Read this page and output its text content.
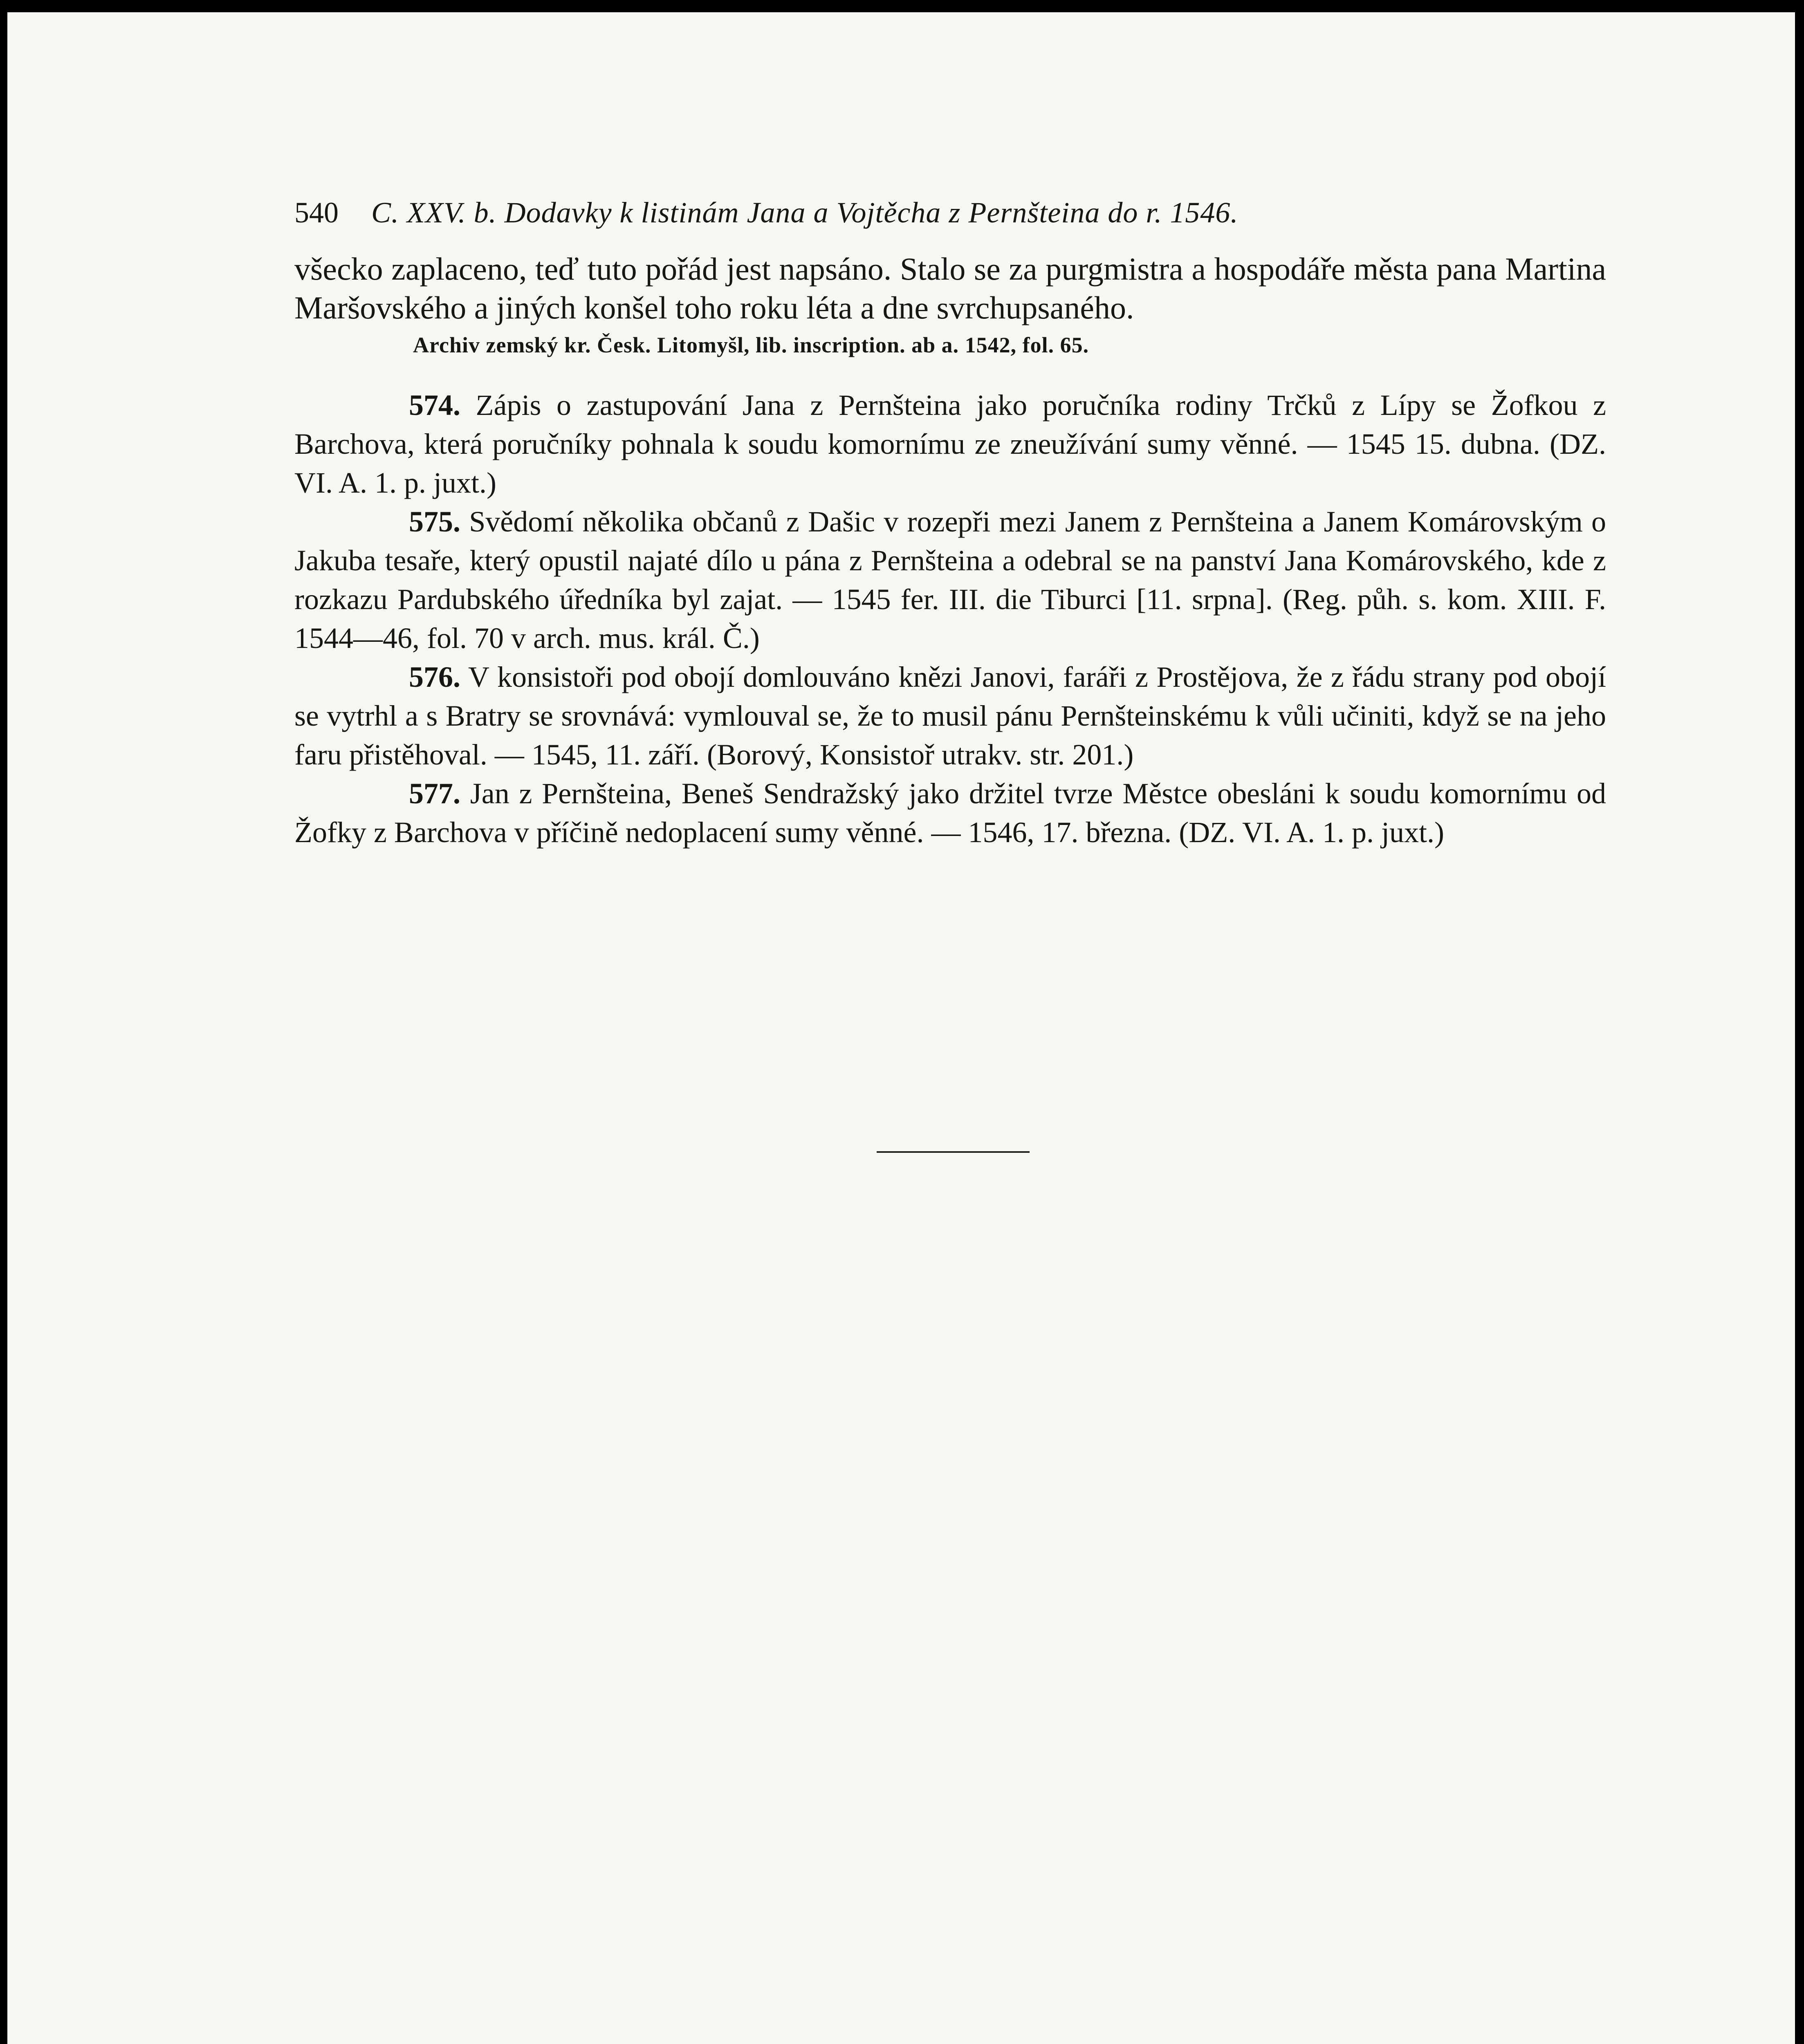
540 C. XXV. b. Dodavky k listinám Jana a Vojtěcha z Pernšteina do r. 1546.

všecko zaplaceno, teď tuto pořád jest napsáno. Stalo se za purgmistra a hospodáře města pana Martina Maršovského a jiných konšel toho roku léta a dne svrchupsaného.

Archiv zemský kr. Česk. Litomyšl, lib. inscription. ab a. 1542, fol. 65.

574. Zápis o zastupování Jana z Pernšteina jako poručníka rodiny Trčků z Lípy se Žofkou z Barchova, která poručníky pohnala k soudu komornímu ze zneužívání sumy věnné. — 1545 15. dubna. (DZ. VI. A. 1. p. juxt.)

575. Svědomí několika občanů z Dašic v rozepři mezi Janem z Pernšteina a Janem Komárovským o Jakuba tesaře, který opustil najaté dílo u pána z Pernšteina a odebral se na panství Jana Komárovského, kde z rozkazu Pardubského úředníka byl zajat. — 1545 fer. III. die Tiburci [11. srpna]. (Reg. půh. s. kom. XIII. F. 1544—46, fol. 70 v arch. mus. král. Č.)

576. V konsistoři pod obojí domlouváno knězi Janovi, faráři z Prostějova, že z řádu strany pod obojí se vytrhl a s Bratry se srovnává: vymlouval se, že to musil pánu Pernšteinskému k vůli učiniti, když se na jeho faru přistěhoval. — 1545, 11. září. (Borový, Konsistoř utrakv. str. 201.)

577. Jan z Pernšteina, Beneš Sendražský jako držitel tvrze Městce obesláni k soudu komornímu od Žofky z Barchova v příčině nedoplacení sumy věnné. — 1546, 17. března. (DZ. VI. A. 1. p. juxt.)
